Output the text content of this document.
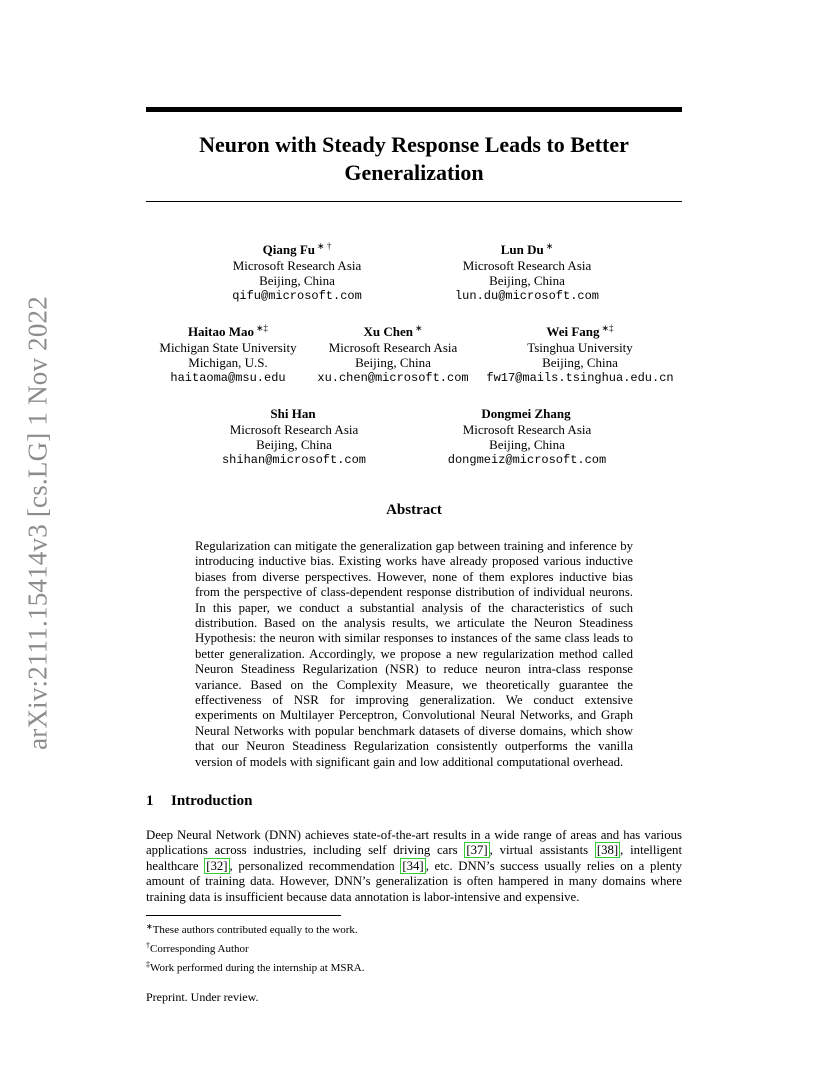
arXiv:2111.15414v3 [cs.LG] 1 Nov 2022
Neuron with Steady Response Leads to Better
Generalization
Qiang Fu ∗ †
Microsoft Research Asia
Beijing, China
qifu@microsoft.com
Lun Du ∗
Microsoft Research Asia
Beijing, China
lun.du@microsoft.com
Haitao Mao ∗‡
Michigan State University
Michigan, U.S.
haitaoma@msu.edu
Xu Chen ∗
Microsoft Research Asia
Beijing, China
xu.chen@microsoft.com
Wei Fang ∗‡
Tsinghua University
Beijing, China
fw17@mails.tsinghua.edu.cn
Shi Han
Microsoft Research Asia
Beijing, China
shihan@microsoft.com
Dongmei Zhang
Microsoft Research Asia
Beijing, China
dongmeiz@microsoft.com
Abstract
Regularization can mitigate the generalization gap between training and inference by introducing inductive bias. Existing works have already proposed various inductive biases from diverse perspectives. However, none of them explores inductive bias from the perspective of class-dependent response distribution of individual neurons. In this paper, we conduct a substantial analysis of the characteristics of such distribution. Based on the analysis results, we articulate the Neuron Steadiness Hypothesis: the neuron with similar responses to instances of the same class leads to better generalization. Accordingly, we propose a new regularization method called Neuron Steadiness Regularization (NSR) to reduce neuron intra-class response variance. Based on the Complexity Measure, we theoretically guarantee the effectiveness of NSR for improving generalization. We conduct extensive experiments on Multilayer Perceptron, Convolutional Neural Networks, and Graph Neural Networks with popular benchmark datasets of diverse domains, which show that our Neuron Steadiness Regularization consistently outperforms the vanilla version of models with significant gain and low additional computational overhead.
1 Introduction
Deep Neural Network (DNN) achieves state-of-the-art results in a wide range of areas and has various applications across industries, including self driving cars [37] , virtual assistants [38] , intelligent healthcare [32] , personalized recommendation [34] , etc. DNN’s success usually relies on a plenty amount of training data. However, DNN’s generalization is often hampered in many domains where training data is insufficient because data annotation is labor-intensive and expensive.
∗These authors contributed equally to the work.
†Corresponding Author
‡Work performed during the internship at MSRA.
Preprint. Under review.
